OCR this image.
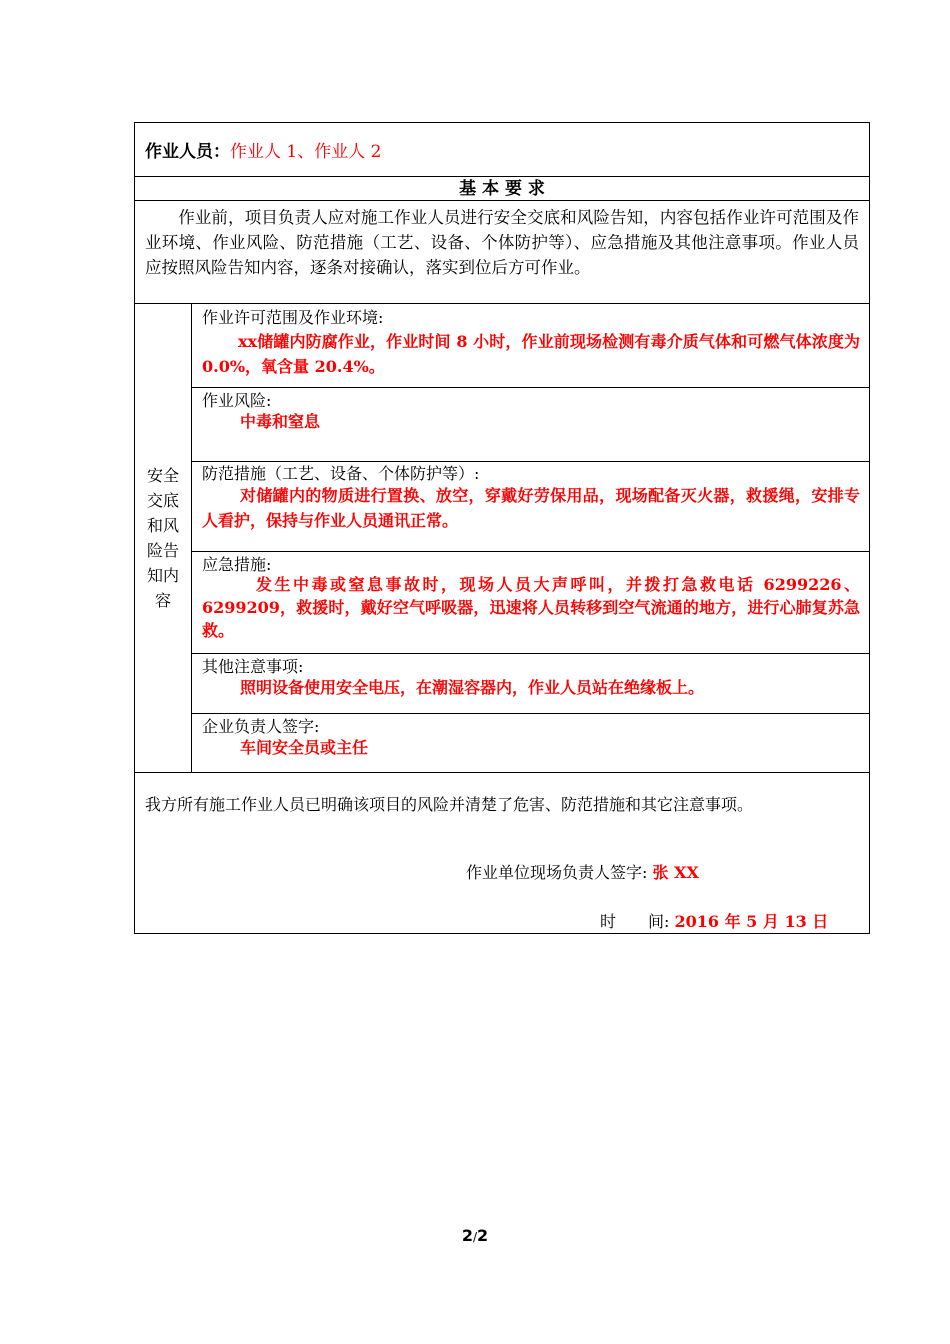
作业人员：作业人 1、作业人 2
基 本 要 求
　　作业前，项目负责人应对施工作业人员进行安全交底和风险告知，内容包括作业许可范围及作业环境、作业风险、防范措施（工艺、设备、个体防护等）、应急措施及其他注意事项。作业人员应按照风险告知内容，逐条对接确认，落实到位后方可作业。
安全
交底
和风
险告
知内
容
作业许可范围及作业环境:
xx储罐内防腐作业，作业时间 8 小时，作业前现场检测有毒介质气体和可燃气体浓度为 0.0%，氧含量 20.4%。
作业风险:
中毒和窒息
防范措施（工艺、设备、个体防护等）:
对储罐内的物质进行置换、放空，穿戴好劳保用品，现场配备灭火器，救援绳，安排专人看护，保持与作业人员通讯正常。
应急措施:
发生中毒或窒息事故时，现场人员大声呼叫，并拨打急救电话 6299226、6299209，救援时，戴好空气呼吸器，迅速将人员转移到空气流通的地方，进行心肺复苏急救。
其他注意事项:
照明设备使用安全电压，在潮湿容器内，作业人员站在绝缘板上。
企业负责人签字:
车间安全员或主任
我方所有施工作业人员已明确该项目的风险并清楚了危害、防范措施和其它注意事项。
作业单位现场负责人签字: 张 XX
时　　间: 2016 年 5 月 13 日
2/2
